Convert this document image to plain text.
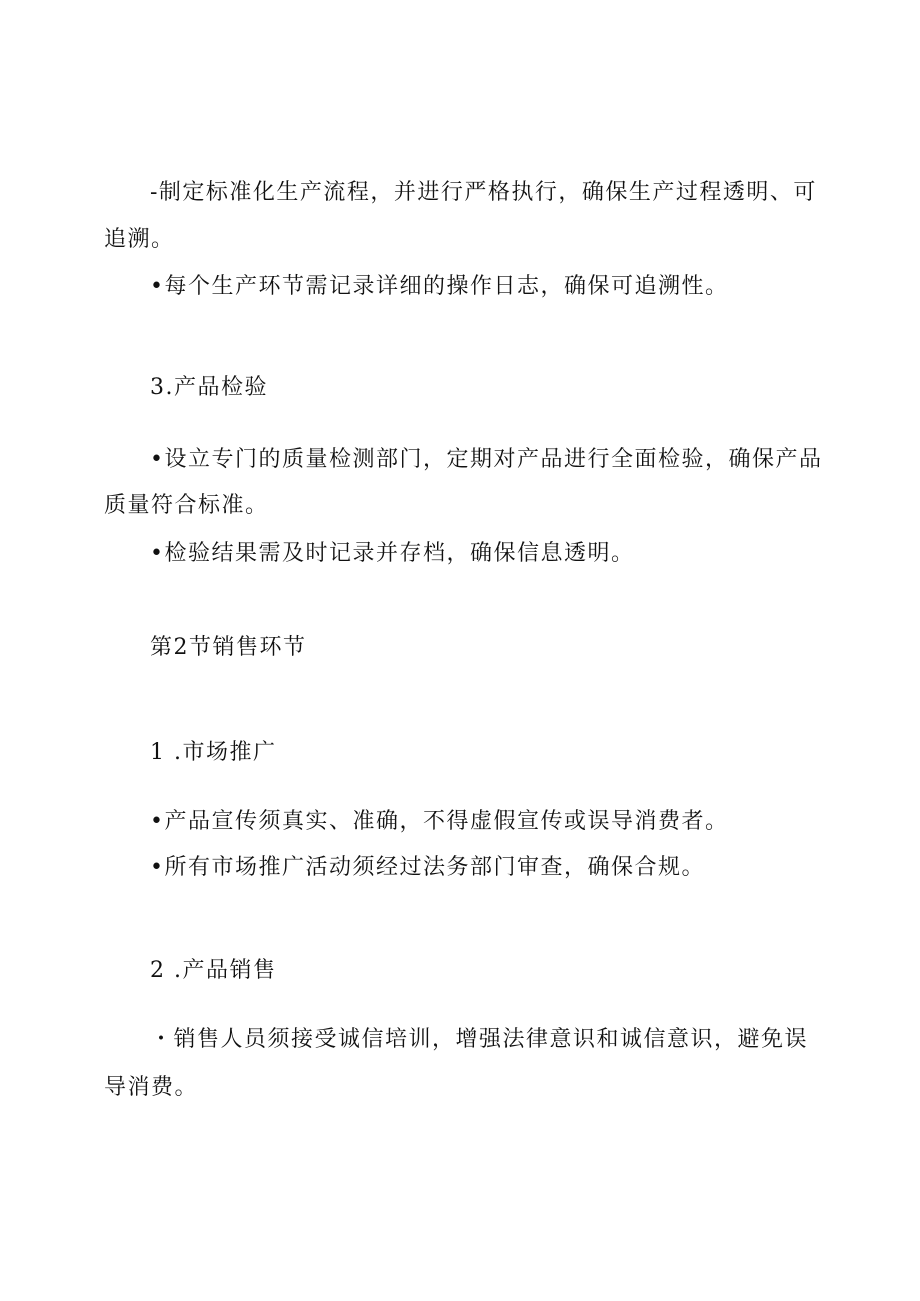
-制定标准化生产流程，并进行严格执行，确保生产过程透明、可
追溯。
•每个生产环节需记录详细的操作日志，确保可追溯性。
3.产品检验
•设立专门的质量检测部门，定期对产品进行全面检验，确保产品
质量符合标准。
•检验结果需及时记录并存档，确保信息透明。
第2节销售环节
1 .市场推广
•产品宣传须真实、准确，不得虚假宣传或误导消费者。
•所有市场推广活动须经过法务部门审查，确保合规。
2 .产品销售
・销售人员须接受诚信培训，增强法律意识和诚信意识，避免误
导消费。
